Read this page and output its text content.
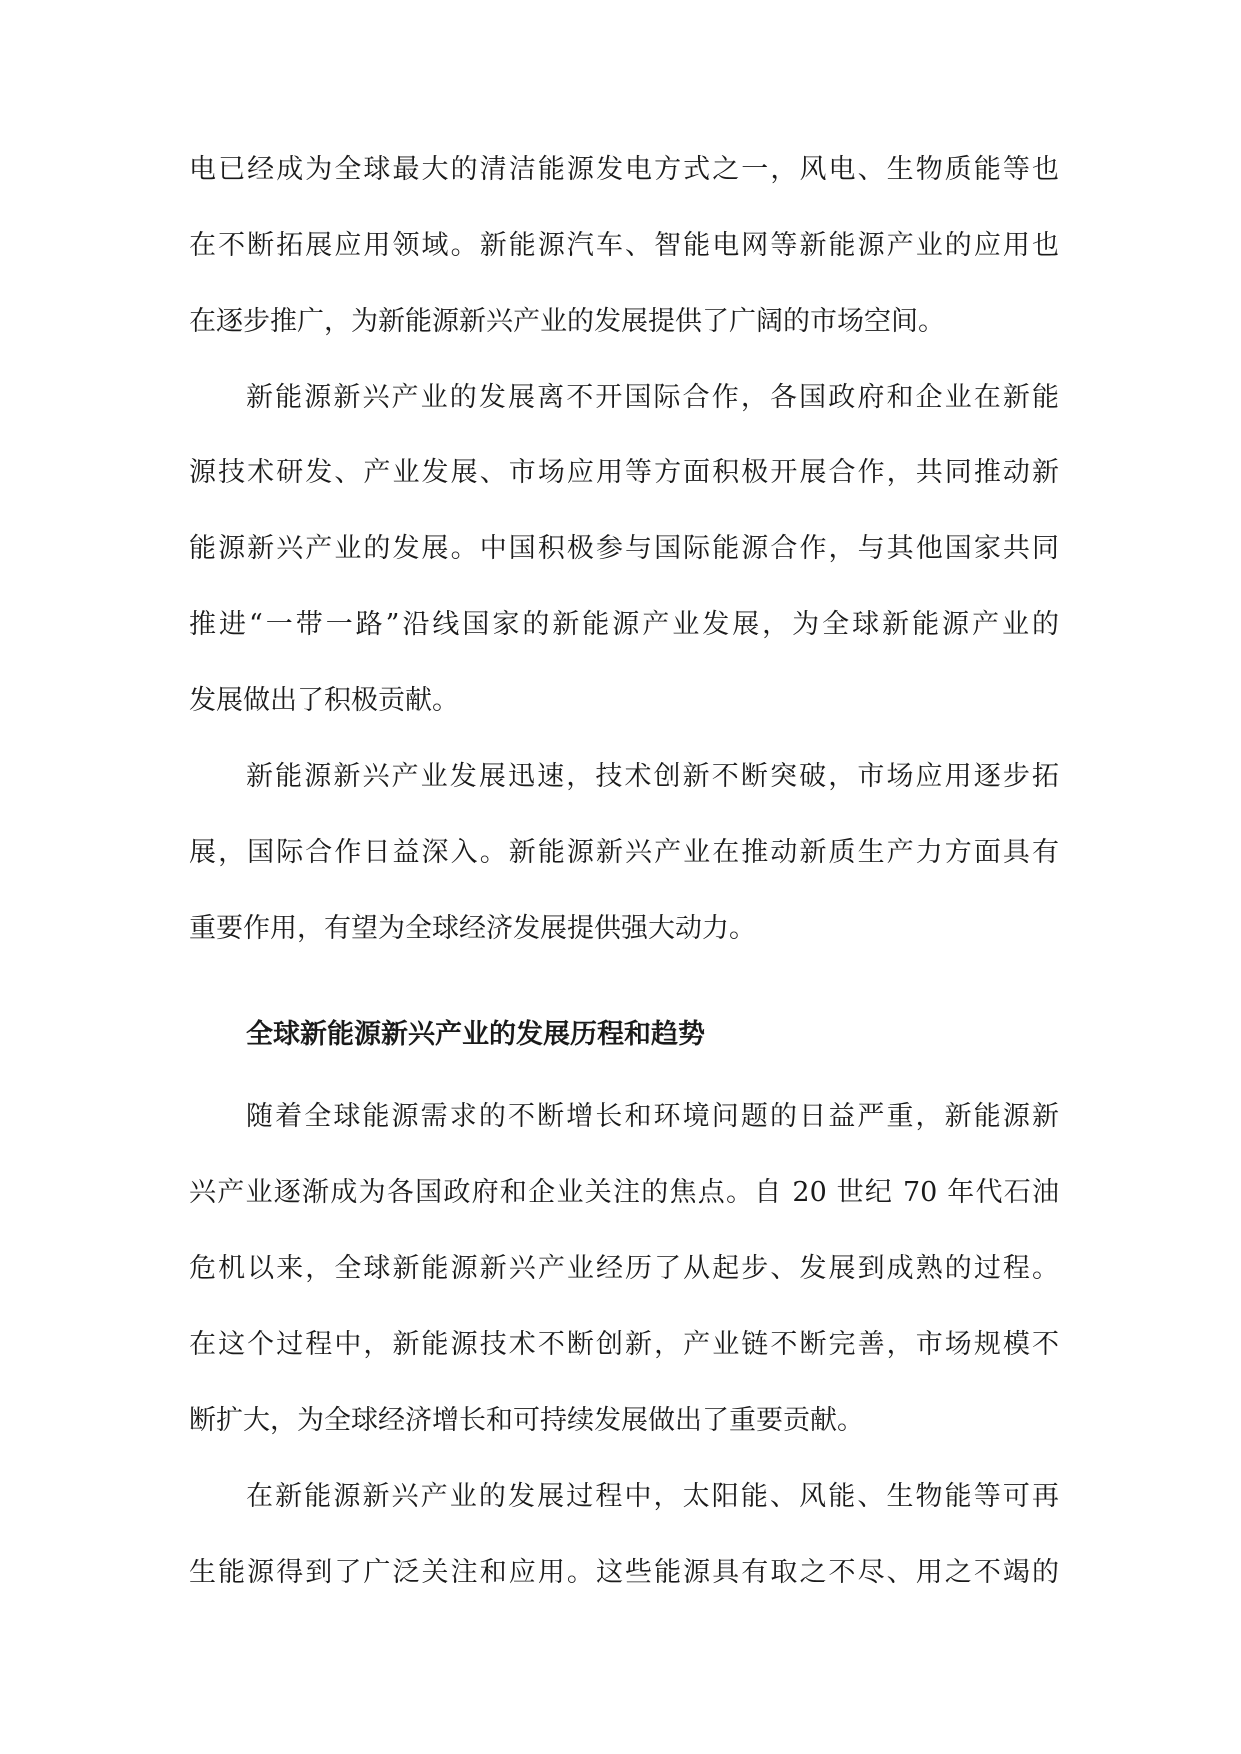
电已经成为全球最大的清洁能源发电方式之一，风电、生物质能等也
在不断拓展应用领域。新能源汽车、智能电网等新能源产业的应用也
在逐步推广，为新能源新兴产业的发展提供了广阔的市场空间。
新能源新兴产业的发展离不开国际合作，各国政府和企业在新能
源技术研发、产业发展、市场应用等方面积极开展合作，共同推动新
能源新兴产业的发展。中国积极参与国际能源合作，与其他国家共同
推进“一带一路”沿线国家的新能源产业发展，为全球新能源产业的
发展做出了积极贡献。
新能源新兴产业发展迅速，技术创新不断突破，市场应用逐步拓
展，国际合作日益深入。新能源新兴产业在推动新质生产力方面具有
重要作用，有望为全球经济发展提供强大动力。
全球新能源新兴产业的发展历程和趋势
随着全球能源需求的不断增长和环境问题的日益严重，新能源新
兴产业逐渐成为各国政府和企业关注的焦点。自 20 世纪 70 年代石油
危机以来，全球新能源新兴产业经历了从起步、发展到成熟的过程。
在这个过程中，新能源技术不断创新，产业链不断完善，市场规模不
断扩大，为全球经济增长和可持续发展做出了重要贡献。
在新能源新兴产业的发展过程中，太阳能、风能、生物能等可再
生能源得到了广泛关注和应用。这些能源具有取之不尽、用之不竭的
